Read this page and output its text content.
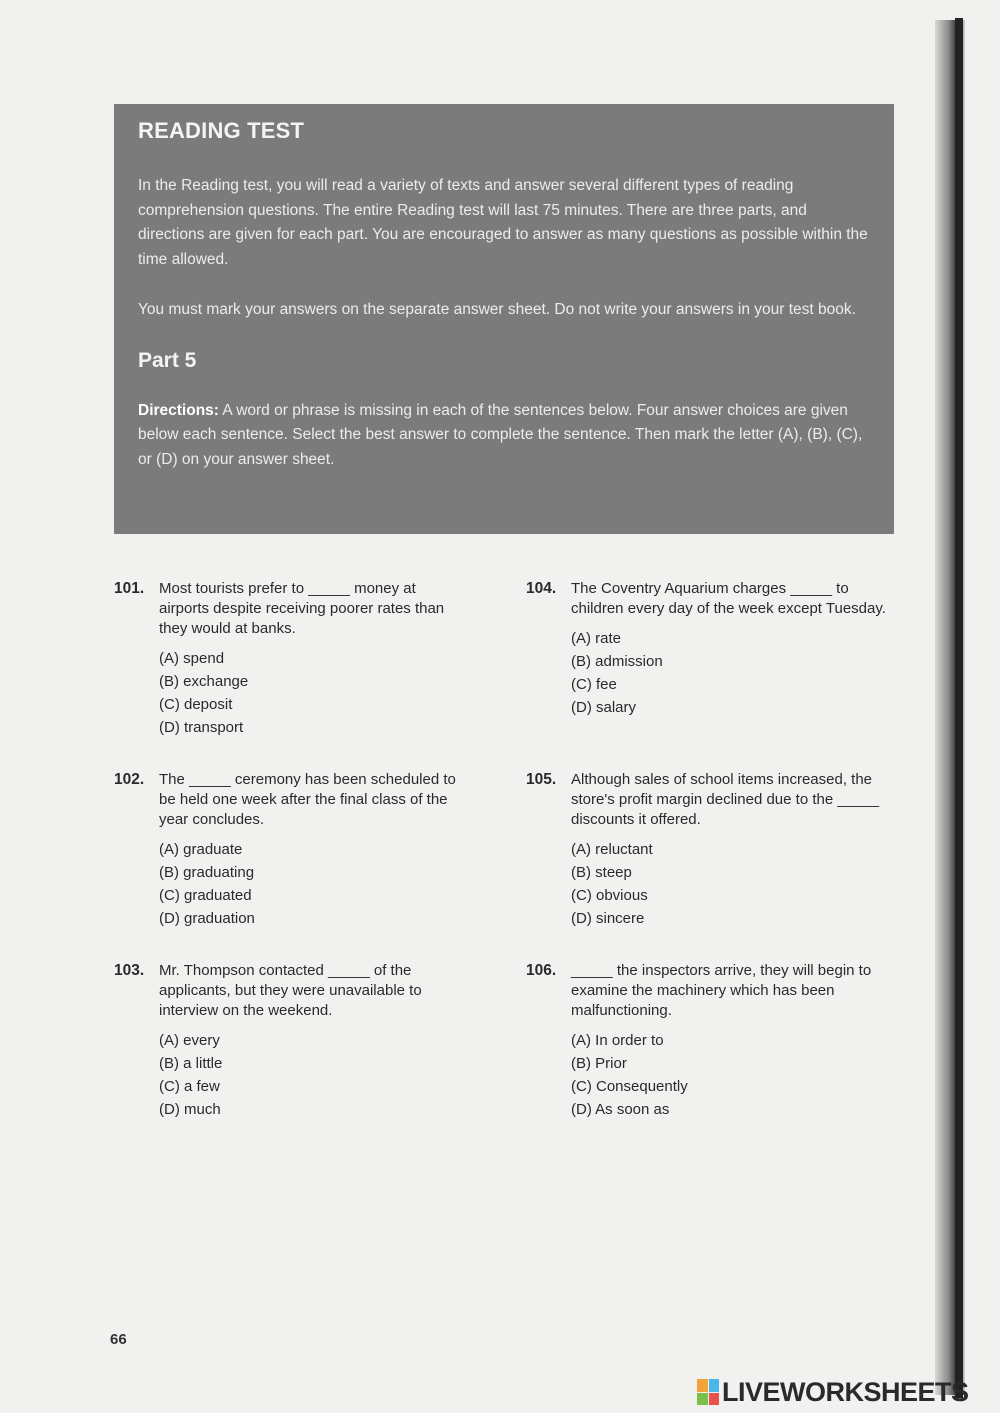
READING TEST

In the Reading test, you will read a variety of texts and answer several different types of reading comprehension questions. The entire Reading test will last 75 minutes. There are three parts, and directions are given for each part. You are encouraged to answer as many questions as possible within the time allowed.

You must mark your answers on the separate answer sheet. Do not write your answers in your test book.

Part 5

Directions: A word or phrase is missing in each of the sentences below. Four answer choices are given below each sentence. Select the best answer to complete the sentence. Then mark the letter (A), (B), (C), or (D) on your answer sheet.

101. Most tourists prefer to _____ money at airports despite receiving poorer rates than they would at banks.
(A) spend
(B) exchange
(C) deposit
(D) transport
102. The _____ ceremony has been scheduled to be held one week after the final class of the year concludes.
(A) graduate
(B) graduating
(C) graduated
(D) graduation
103. Mr. Thompson contacted _____ of the applicants, but they were unavailable to interview on the weekend.
(A) every
(B) a little
(C) a few
(D) much
104. The Coventry Aquarium charges _____ to children every day of the week except Tuesday.
(A) rate
(B) admission
(C) fee
(D) salary
105. Although sales of school items increased, the store's profit margin declined due to the _____ discounts it offered.
(A) reluctant
(B) steep
(C) obvious
(D) sincere
106. _____ the inspectors arrive, they will begin to examine the machinery which has been malfunctioning.
(A) In order to
(B) Prior
(C) Consequently
(D) As soon as
66
LIVEWORKSHEETS
